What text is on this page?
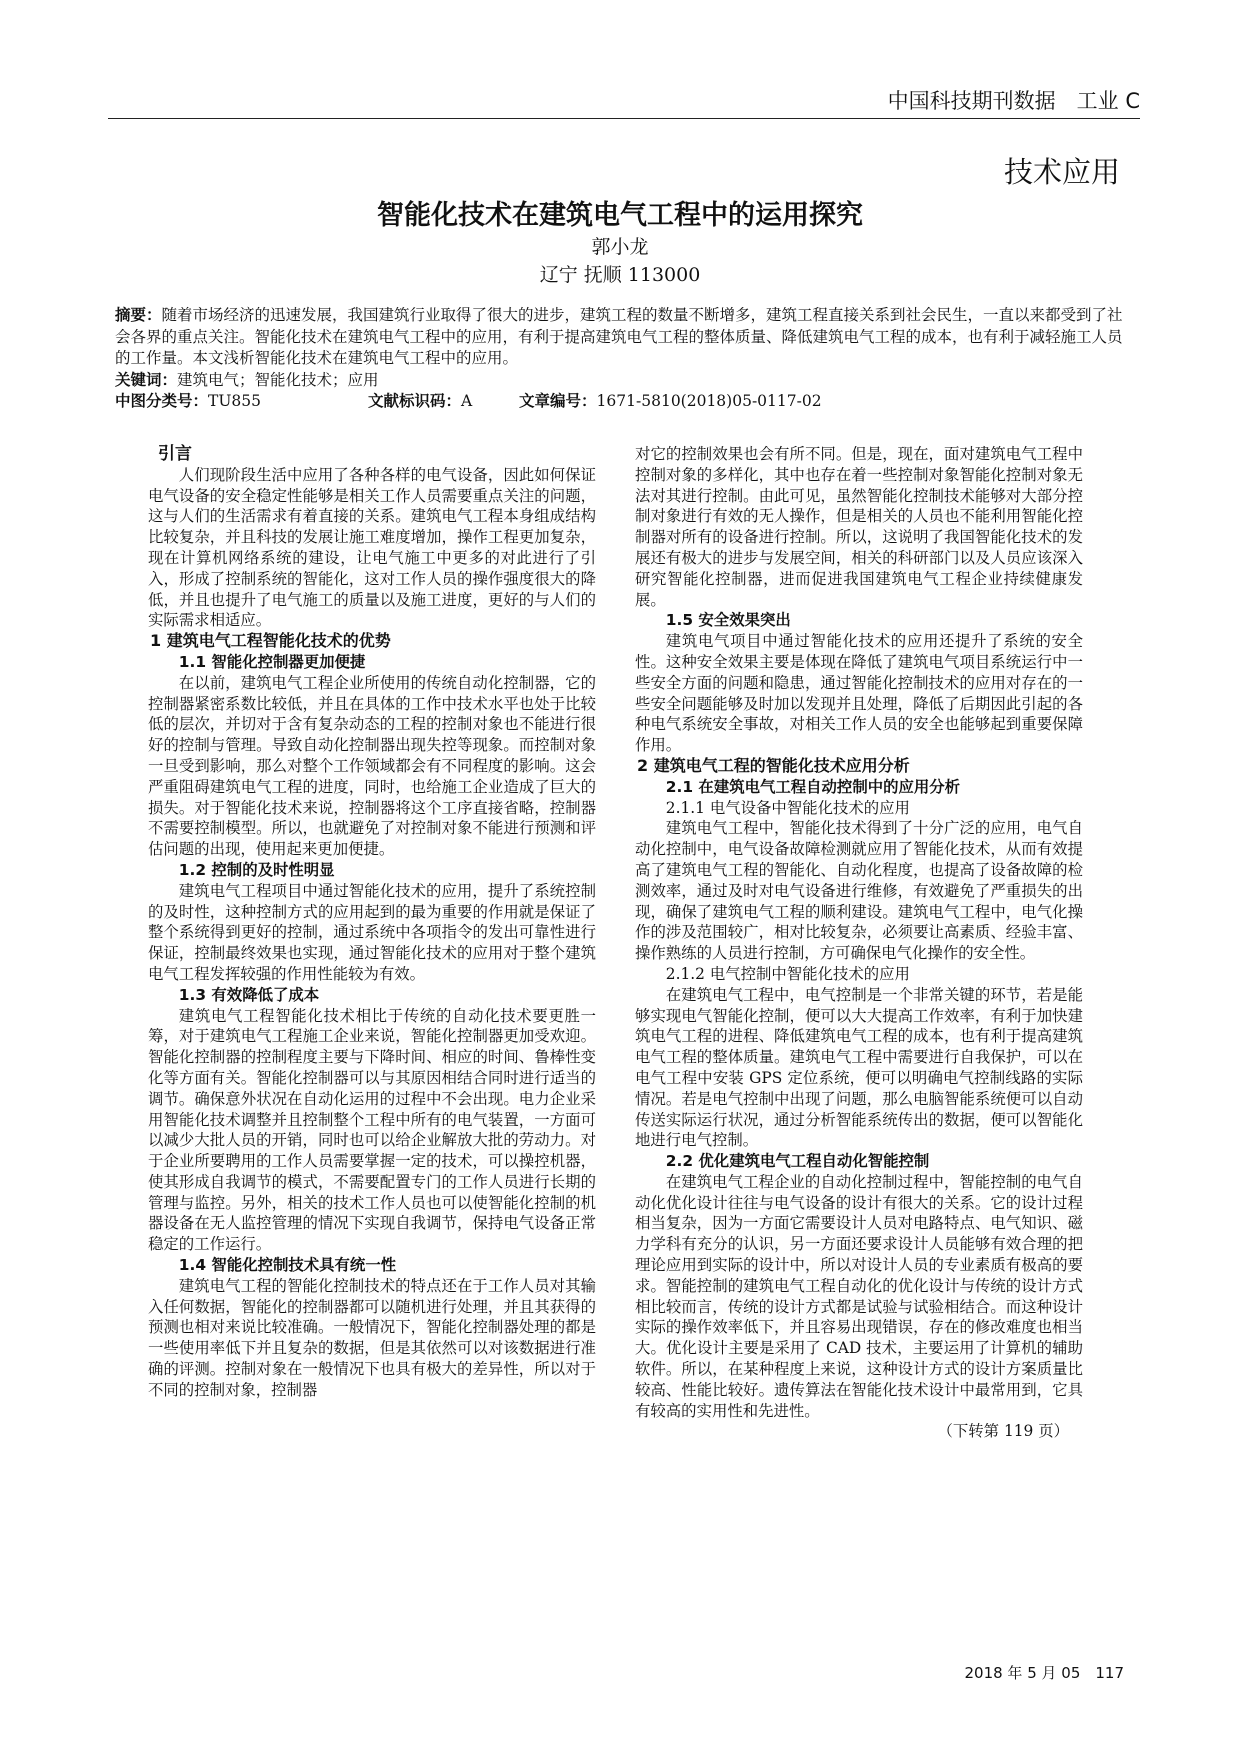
中国科技期刊数据　工业 C
技术应用
智能化技术在建筑电气工程中的运用探究
郭小龙
辽宁 抚顺 113000
摘要：随着市场经济的迅速发展，我国建筑行业取得了很大的进步，建筑工程的数量不断增多，建筑工程直接关系到社会民生，一直以来都受到了社会各界的重点关注。智能化技术在建筑电气工程中的应用，有利于提高建筑电气工程的整体质量、降低建筑电气工程的成本，也有利于减轻施工人员的工作量。本文浅析智能化技术在建筑电气工程中的应用。
关键词：建筑电气；智能化技术；应用
中图分类号： TU855	文献标识码： A	文章编号： 1671-5810(2018)05-0117-02
引言

人们现阶段生活中应用了各种各样的电气设备，因此如何保证电气设备的安全稳定性能够是相关工作人员需要重点关注的问题，这与人们的生活需求有着直接的关系。建筑电气工程本身组成结构比较复杂，并且科技的发展让施工难度增加，操作工程更加复杂，现在计算机网络系统的建设，让电气施工中更多的对此进行了引入，形成了控制系统的智能化，这对工作人员的操作强度很大的降低，并且也提升了电气施工的质量以及施工进度，更好的与人们的实际需求相适应。

1 建筑电气工程智能化技术的优势
1.1 智能化控制器更加便捷

在以前，建筑电气工程企业所使用的传统自动化控制器，它的控制器紧密系数比较低，并且在具体的工作中技术水平也处于比较低的层次，并切对于含有复杂动态的工程的控制对象也不能进行很好的控制与管理。导致自动化控制器出现失控等现象。而控制对象一旦受到影响，那么对整个工作领域都会有不同程度的影响。这会严重阻碍建筑电气工程的进度，同时，也给施工企业造成了巨大的损失。对于智能化技术来说，控制器将这个工序直接省略，控制器不需要控制模型。所以，也就避免了对控制对象不能进行预测和评估问题的出现，使用起来更加便捷。

1.2 控制的及时性明显

建筑电气工程项目中通过智能化技术的应用，提升了系统控制的及时性，这种控制方式的应用起到的最为重要的作用就是保证了整个系统得到更好的控制，通过系统中各项指令的发出可靠性进行保证，控制最终效果也实现，通过智能化技术的应用对于整个建筑电气工程发挥较强的作用性能较为有效。

1.3 有效降低了成本

建筑电气工程智能化技术相比于传统的自动化技术要更胜一筹，对于建筑电气工程施工企业来说，智能化控制器更加受欢迎。智能化控制器的控制程度主要与下降时间、相应的时间、鲁棒性变化等方面有关。智能化控制器可以与其原因相结合同时进行适当的调节。确保意外状况在自动化运用的过程中不会出现。电力企业采用智能化技术调整并且控制整个工程中所有的电气装置，一方面可以减少大批人员的开销，同时也可以给企业解放大批的劳动力。对于企业所要聘用的工作人员需要掌握一定的技术，可以操控机器，使其形成自我调节的模式，不需要配置专门的工作人员进行长期的管理与监控。另外，相关的技术工作人员也可以使智能化控制的机器设备在无人监控管理的情况下实现自我调节，保持电气设备正常稳定的工作运行。

1.4 智能化控制技术具有统一性

建筑电气工程的智能化控制技术的特点还在于工作人员对其输入任何数据，智能化的控制器都可以随机进行处理，并且其获得的预测也相对来说比较准确。一般情况下，智能化控制器处理的都是一些使用率低下并且复杂的数据，但是其依然可以对该数据进行准确的评测。控制对象在一般情况下也具有极大的差异性，所以对于不同的控制对象，控制器

对它的控制效果也会有所不同。但是，现在，面对建筑电气工程中控制对象的多样化，其中也存在着一些控制对象智能化控制对象无法对其进行控制。由此可见，虽然智能化控制技术能够对大部分控制对象进行有效的无人操作，但是相关的人员也不能利用智能化控制器对所有的设备进行控制。所以，这说明了我国智能化技术的发展还有极大的进步与发展空间，相关的科研部门以及人员应该深入研究智能化控制器，进而促进我国建筑电气工程企业持续健康发展。

1.5 安全效果突出

建筑电气项目中通过智能化技术的应用还提升了系统的安全性。这种安全效果主要是体现在降低了建筑电气项目系统运行中一些安全方面的问题和隐患，通过智能化控制技术的应用对存在的一些安全问题能够及时加以发现并且处理，降低了后期因此引起的各种电气系统安全事故，对相关工作人员的安全也能够起到重要保障作用。

2 建筑电气工程的智能化技术应用分析
2.1 在建筑电气工程自动控制中的应用分析
2.1.1 电气设备中智能化技术的应用

建筑电气工程中，智能化技术得到了十分广泛的应用，电气自动化控制中，电气设备故障检测就应用了智能化技术，从而有效提高了建筑电气工程的智能化、自动化程度，也提高了设备故障的检测效率，通过及时对电气设备进行维修，有效避免了严重损失的出现，确保了建筑电气工程的顺利建设。建筑电气工程中，电气化操作的涉及范围较广，相对比较复杂，必须要让高素质、经验丰富、操作熟练的人员进行控制，方可确保电气化操作的安全性。

2.1.2 电气控制中智能化技术的应用

在建筑电气工程中，电气控制是一个非常关键的环节，若是能够实现电气智能化控制，便可以大大提高工作效率，有利于加快建筑电气工程的进程、降低建筑电气工程的成本，也有利于提高建筑电气工程的整体质量。建筑电气工程中需要进行自我保护，可以在电气工程中安装 GPS 定位系统，便可以明确电气控制线路的实际情况。若是电气控制中出现了问题，那么电脑智能系统便可以自动传送实际运行状况，通过分析智能系统传出的数据，便可以智能化地进行电气控制。

2.2 优化建筑电气工程自动化智能控制

在建筑电气工程企业的自动化控制过程中，智能控制的电气自动化优化设计往往与电气设备的设计有很大的关系。它的设计过程相当复杂，因为一方面它需要设计人员对电路特点、电气知识、磁力学科有充分的认识，另一方面还要求设计人员能够有效合理的把理论应用到实际的设计中，所以对设计人员的专业素质有极高的要求。智能控制的建筑电气工程自动化的优化设计与传统的设计方式相比较而言，传统的设计方式都是试验与试验相结合。而这种设计实际的操作效率低下，并且容易出现错误，存在的修改难度也相当大。优化设计主要是采用了 CAD 技术，主要运用了计算机的辅助软件。所以，在某种程度上来说，这种设计方式的设计方案质量比较高、性能比较好。遗传算法在智能化技术设计中最常用到，它具有较高的实用性和先进性。

（下转第 119 页）
2018 年 5 月 05　117
